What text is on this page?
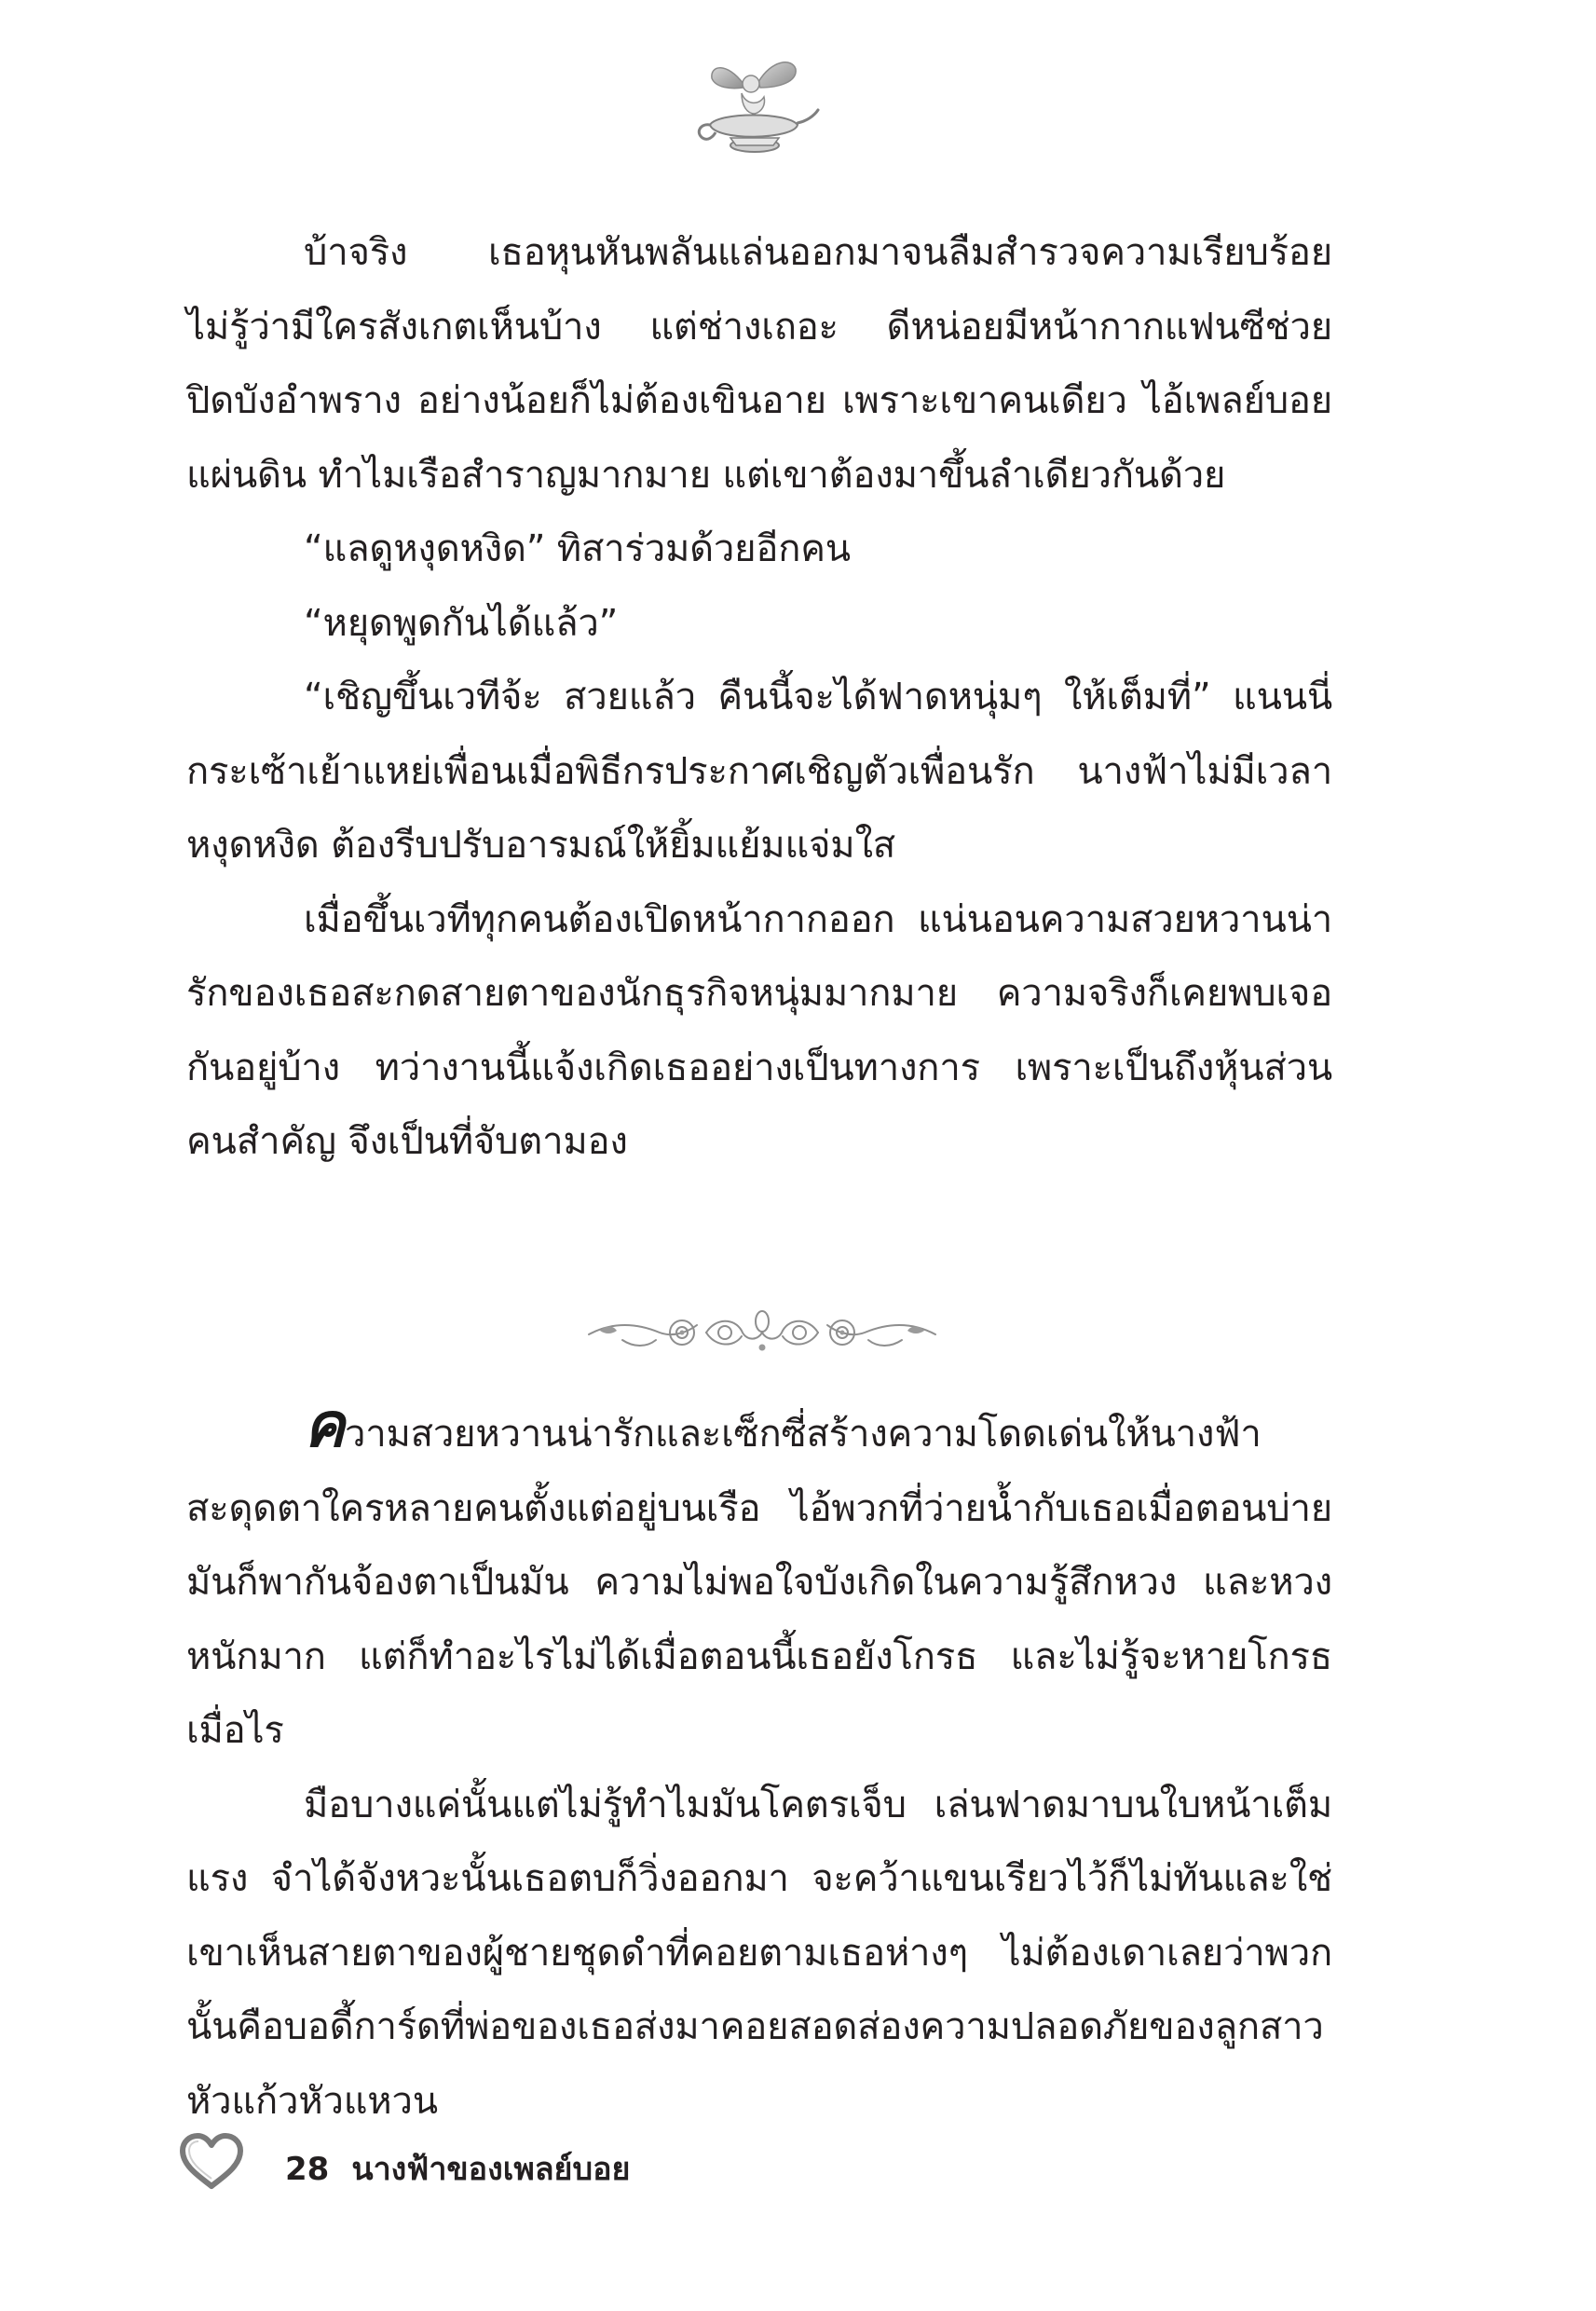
บ้าจริง เธอหุนหันพลันแล่นออกมาจนลืมสำรวจความเรียบร้อย ไม่รู้ว่ามีใครสังเกตเห็นบ้าง แต่ช่างเถอะ ดีหน่อยมีหน้ากากแฟนซีช่วยปิดบังอำพราง อย่างน้อยก็ไม่ต้องเขินอาย เพราะเขาคนเดียว ไอ้เพลย์บอยแผ่นดิน ทำไมเรือสำราญมากมาย แต่เขาต้องมาขึ้นลำเดียวกันด้วย

“แลดูหงุดหงิด” ทิสาร่วมด้วยอีกคน

“หยุดพูดกันได้แล้ว”

“เชิญขึ้นเวทีจ้ะ สวยแล้ว คืนนี้จะได้ฟาดหนุ่มๆ ให้เต็มที่” แนนนี่กระเซ้าเย้าแหย่เพื่อนเมื่อพิธีกรประกาศเชิญตัวเพื่อนรัก นางฟ้าไม่มีเวลาหงุดหงิด ต้องรีบปรับอารมณ์ให้ยิ้มแย้มแจ่มใส

เมื่อขึ้นเวทีทุกคนต้องเปิดหน้ากากออก แน่นอนความสวยหวานน่ารักของเธอสะกดสายตาของนักธุรกิจหนุ่มมากมาย ความจริงก็เคยพบเจอกันอยู่บ้าง ทว่างานนี้แจ้งเกิดเธออย่างเป็นทางการ เพราะเป็นถึงหุ้นส่วนคนสำคัญ จึงเป็นที่จับตามอง

ความสวยหวานน่ารักและเซ็กซี่สร้างความโดดเด่นให้นางฟ้าสะดุดตาใครหลายคนตั้งแต่อยู่บนเรือ ไอ้พวกที่ว่ายน้ำกับเธอเมื่อตอนบ่ายมันก็พากันจ้องตาเป็นมัน ความไม่พอใจบังเกิดในความรู้สึกหวง และหวงหนักมาก แต่ก็ทำอะไรไม่ได้เมื่อตอนนี้เธอยังโกรธ และไม่รู้จะหายโกรธเมื่อไร

มือบางแค่นั้นแต่ไม่รู้ทำไมมันโคตรเจ็บ เล่นฟาดมาบนใบหน้าเต็มแรง จำได้จังหวะนั้นเธอตบก็วิ่งออกมา จะคว้าแขนเรียวไว้ก็ไม่ทันและใช่ เขาเห็นสายตาของผู้ชายชุดดำที่คอยตามเธอห่างๆ ไม่ต้องเดาเลยว่าพวกนั้นคือบอดี้การ์ดที่พ่อของเธอส่งมาคอยสอดส่องความปลอดภัยของลูกสาวหัวแก้วหัวแหวน

28 นางฟ้าของเพลย์บอย
